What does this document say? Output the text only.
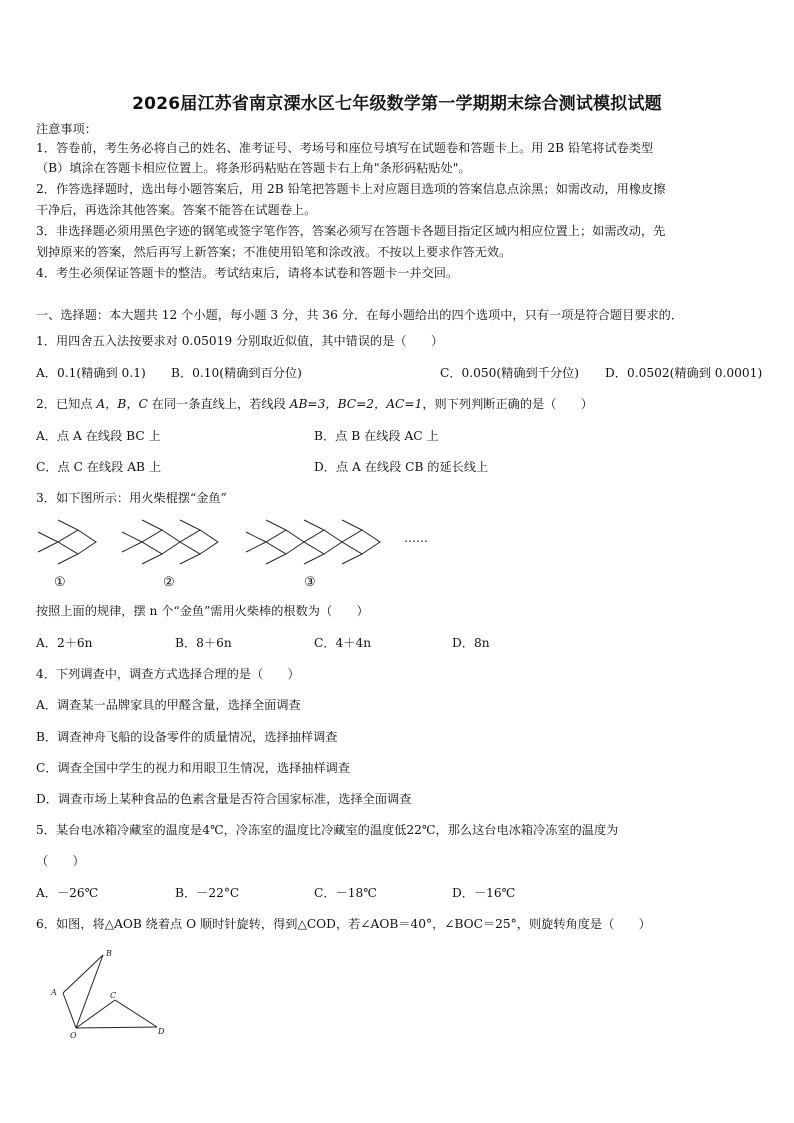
2026届江苏省南京溧水区七年级数学第一学期期末综合测试模拟试题
注意事项：
1．答卷前，考生务必将自己的姓名、准考证号、考场号和座位号填写在试题卷和答题卡上。用 2B 铅笔将试卷类型
（B）填涂在答题卡相应位置上。将条形码粘贴在答题卡右上角"条形码粘贴处"。
2．作答选择题时，选出每小题答案后，用 2B 铅笔把答题卡上对应题目选项的答案信息点涂黑；如需改动，用橡皮擦
干净后，再选涂其他答案。答案不能答在试题卷上。
3．非选择题必须用黑色字迹的钢笔或签字笔作答，答案必须写在答题卡各题目指定区域内相应位置上；如需改动，先
划掉原来的答案，然后再写上新答案；不准使用铅笔和涂改液。不按以上要求作答无效。
4．考生必须保证答题卡的整洁。考试结束后，请将本试卷和答题卡一并交回。
一、选择题：本大题共 12 个小题，每小题 3 分，共 36 分．在每小题给出的四个选项中，只有一项是符合题目要求的．
1．用四舍五入法按要求对 0.05019 分别取近似值，其中错误的是（　　）
A．0.1(精确到 0.1) B．0.10(精确到百分位)	C．0.050(精确到千分位) D．0.0502(精确到 0.0001)
2．已知点 A，B，C 在同一条直线上，若线段 AB=3，BC=2，AC=1，则下列判断正确的是（　　）
A．点 A 在线段 BC 上	B．点 B 在线段 AC 上
C．点 C 在线段 AB 上	D．点 A 在线段 CB 的延长线上
3．如下图所示：用火柴棍摆“金鱼”
……
①	②	③
按照上面的规律，摆 n 个“金鱼”需用火柴棒的根数为（　　）
A．2＋6n	B．8＋6n	C．4＋4n	D．8n
4．下列调查中，调查方式选择合理的是（　　）
A．调查某一品牌家具的甲醛含量，选择全面调查
B．调查神舟飞船的设备零件的质量情况，选择抽样调查
C．调查全国中学生的视力和用眼卫生情况，选择抽样调查
D．调查市场上某种食品的色素含量是否符合国家标准，选择全面调查
5．某台电冰箱冷藏室的温度是4℃，冷冻室的温度比冷藏室的温度低22℃，那么这台电冰箱冷冻室的温度为
（　　）
A．－26℃	B．－22°C	C．－18℃	D．－16℃
6．如图，将△AOB 绕着点 O 顺时针旋转，得到△COD，若∠AOB＝40°，∠BOC＝25°，则旋转角度是（　　）
A
B
C
D
O
